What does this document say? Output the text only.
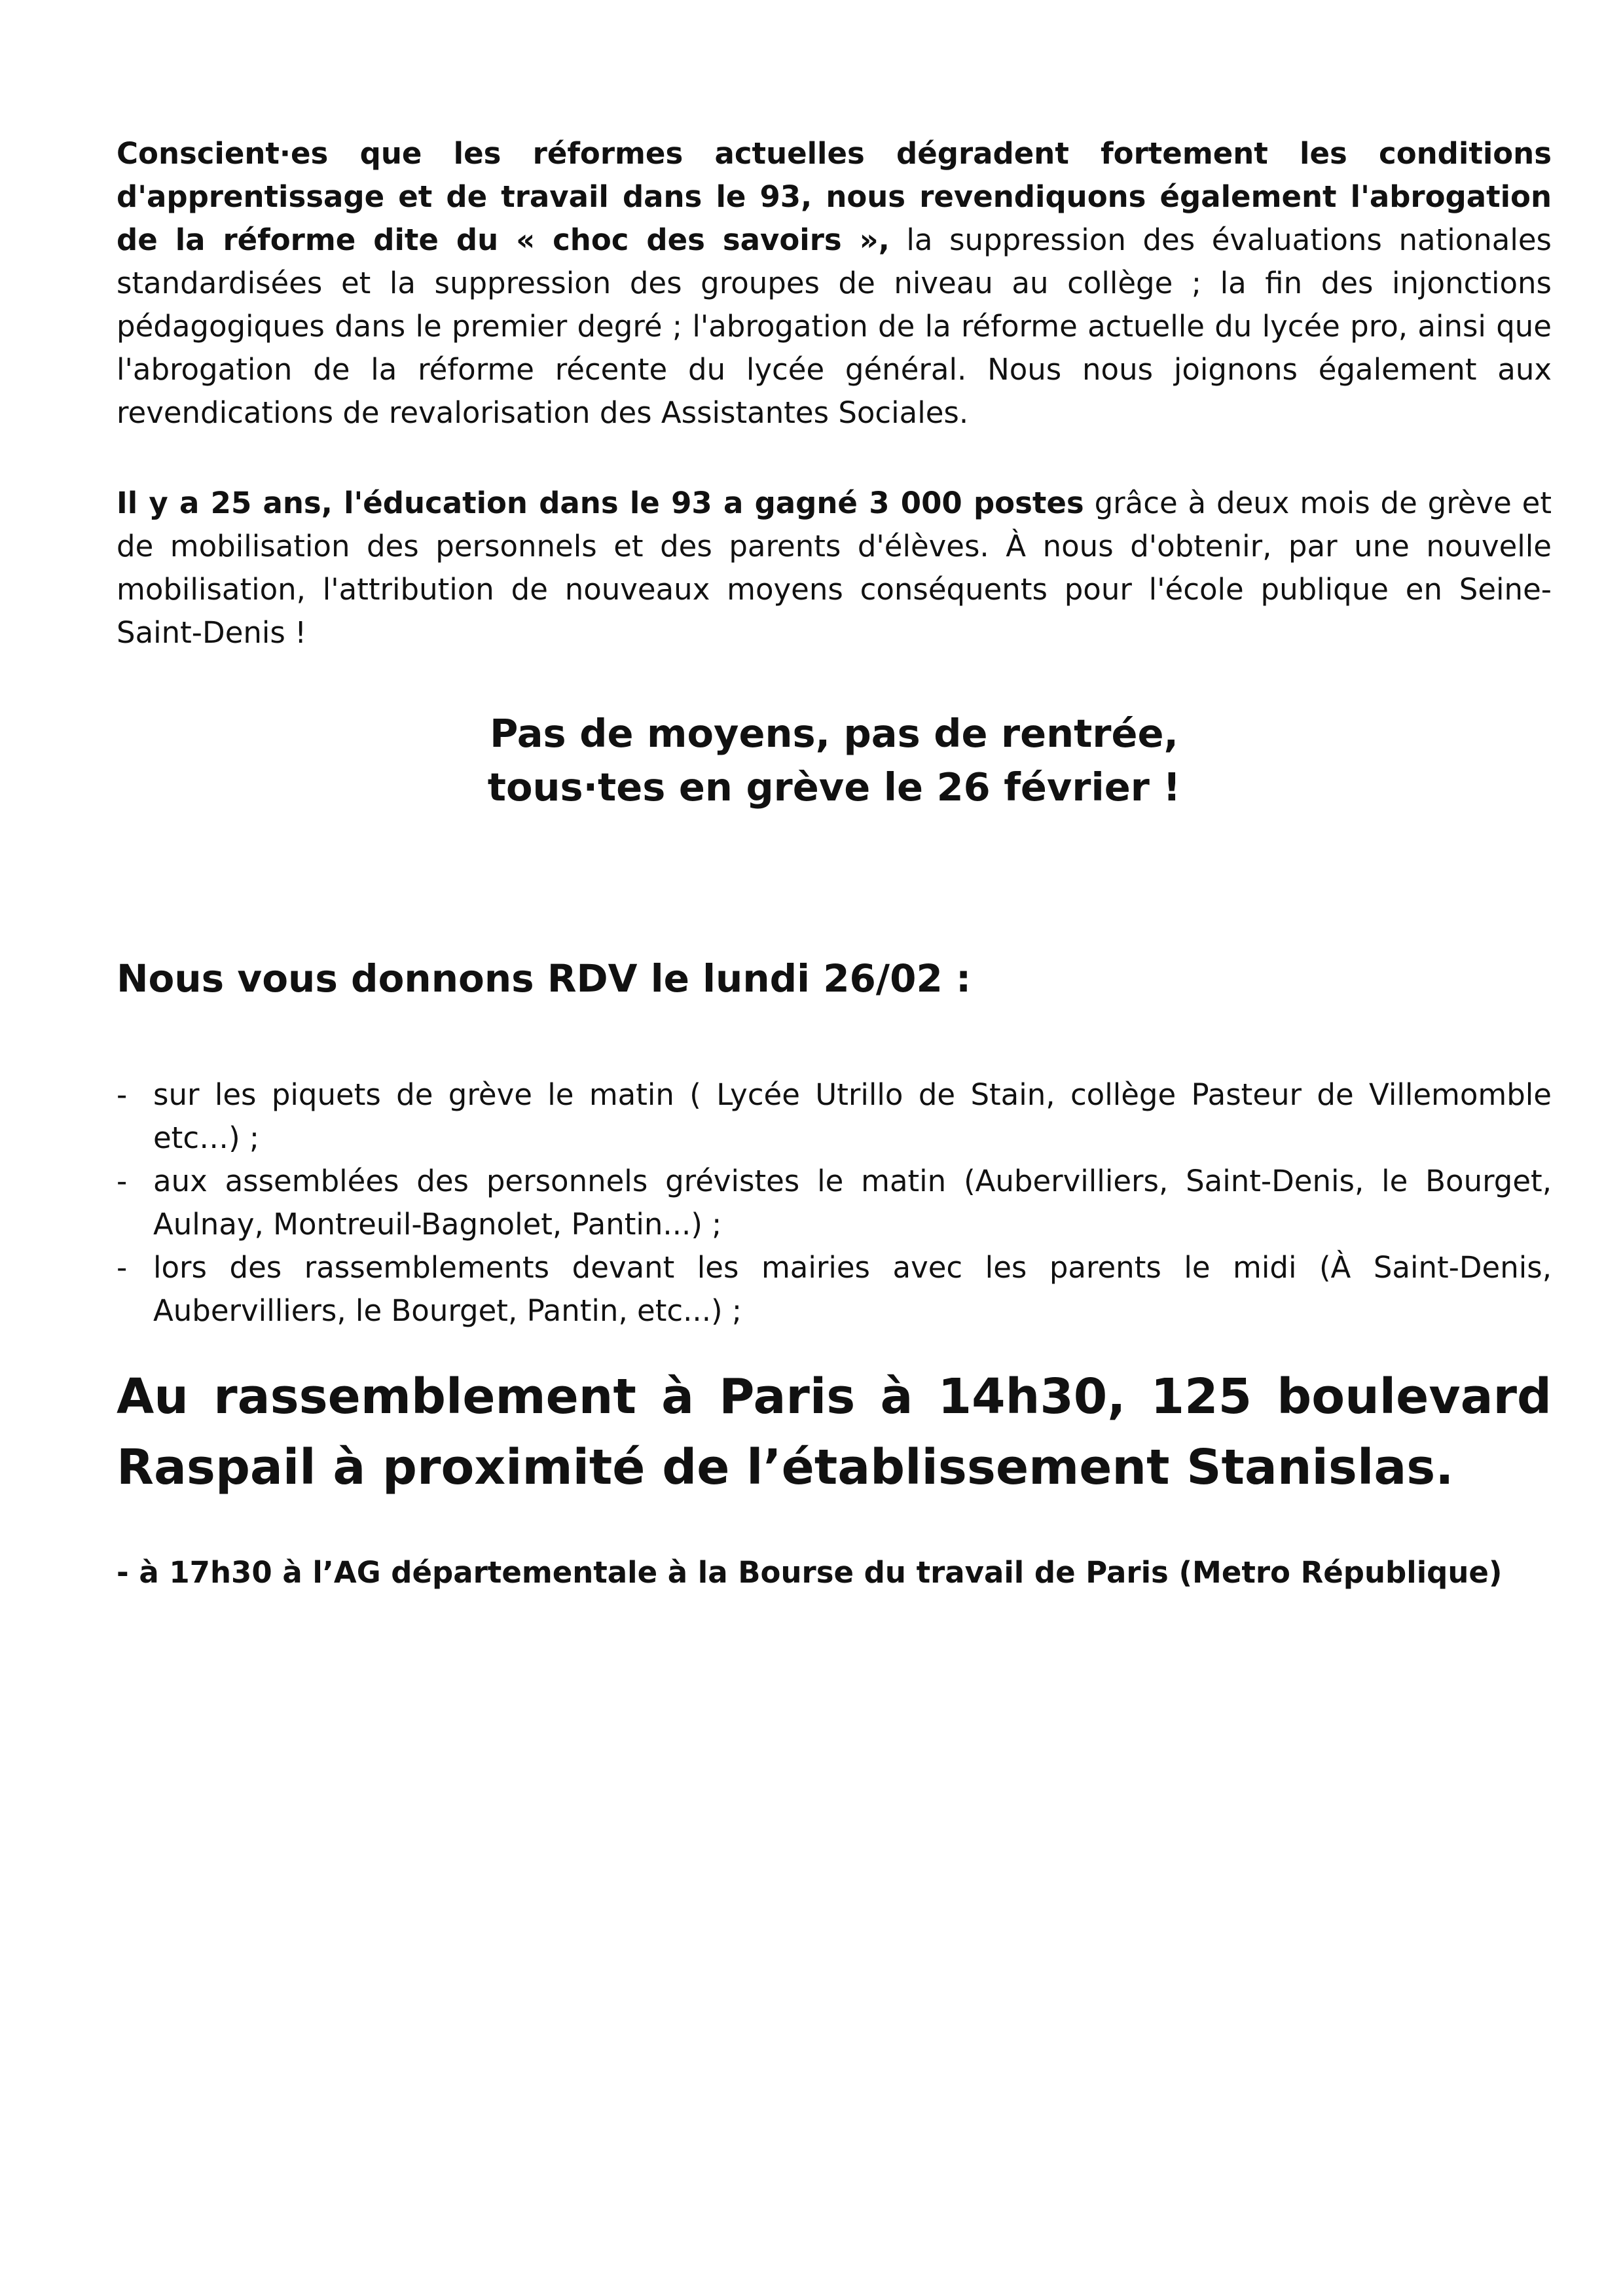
Conscient·es que les réformes actuelles dégradent fortement les conditions d'apprentissage et de travail dans le 93, nous revendiquons également l'abrogation de la réforme dite du « choc des savoirs », la suppression des évaluations nationales standardisées et la suppression des groupes de niveau au collège ; la fin des injonctions pédagogiques dans le premier degré ; l'abrogation de la réforme actuelle du lycée pro, ainsi que l'abrogation de la réforme récente du lycée général. Nous nous joignons également aux revendications de revalorisation des Assistantes Sociales.

Il y a 25 ans, l'éducation dans le 93 a gagné 3 000 postes grâce à deux mois de grève et de mobilisation des personnels et des parents d'élèves. À nous d'obtenir, par une nouvelle mobilisation, l'attribution de nouveaux moyens conséquents pour l'école publique en Seine-Saint-Denis !

Pas de moyens, pas de rentrée,
tous·tes en grève le 26 février !
Nous vous donnons RDV le lundi 26/02 :
- sur les piquets de grève le matin ( Lycée Utrillo de Stain, collège Pasteur de Villemomble etc…) ;
- aux assemblées des personnels grévistes le matin (Aubervilliers, Saint-Denis, le Bourget, Aulnay, Montreuil-Bagnolet, Pantin...) ;
- lors des rassemblements devant les mairies avec les parents le midi (À Saint-Denis, Aubervilliers, le Bourget, Pantin, etc...) ;

Au rassemblement à Paris à 14h30, 125 boulevard Raspail à proximité de l’établissement Stanislas.

- à 17h30 à l’AG départementale à la Bourse du travail de Paris (Metro République)
